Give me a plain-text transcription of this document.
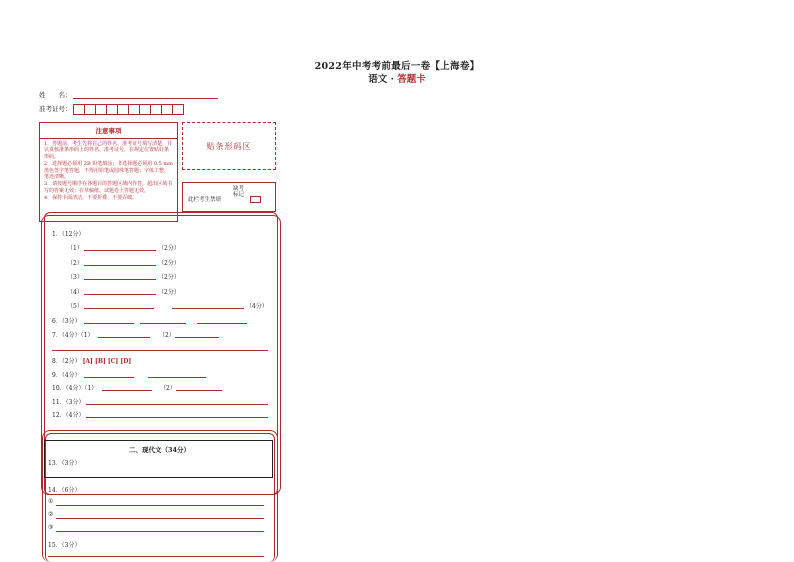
2022年中考考前最后一卷【上海卷】
语文 · 答题卡
姓　　名：
准考证号：
注意事项
1．答题前，考生先将自己的姓名、准考证号填写清楚，并认真核准条形码上的姓名、准考证号，在规定位置贴好条形码。
2．选择题必须用 2B 铅笔填涂；非选择题必须用 0.5 mm 黑色签字笔答题，不得用铅笔或圆珠笔答题；字体工整、笔迹清晰。
3．请按题号顺序在各题目的答题区域内作答，超出区域书写的答案无效；在草稿纸、试题卷上答题无效。
4．保持卡面清洁，不要折叠、不要弄破。
贴条形码区
此栏考生禁填
缺考
标记
1．（12分）
（1）	（2分）
（2）	（2分）
（3）	（2分）
（4）	（2分）
（5）	（4分）
6．（3分）
7．（4分）（1）	（2）
8．（2分） [A] [B] [C] [D]
9．（4分）
10．（4分）（1）	（2）
11．（3分）
12．（4分）
二、现代文（34分）
13．（3分）
14．（6分）
①
②
③
15．（3分）
